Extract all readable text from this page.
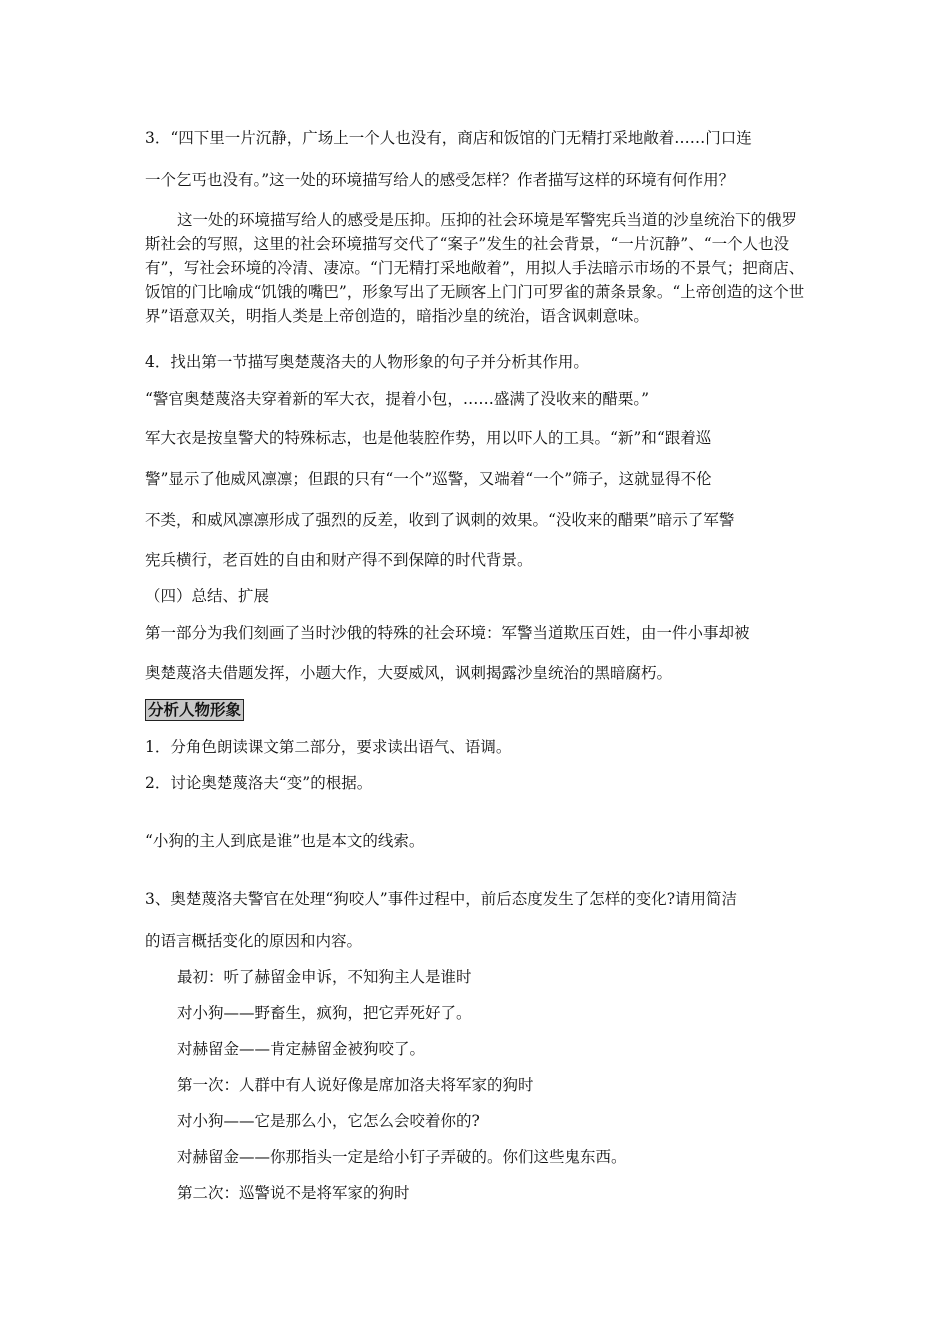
3．“四下里一片沉静，广场上一个人也没有，商店和饭馆的门无精打采地敞着……门口连
一个乞丐也没有。”这一处的环境描写给人的感受怎样？作者描写这样的环境有何作用？
这一处的环境描写给人的感受是压抑。压抑的社会环境是军警宪兵当道的沙皇统治下的俄罗斯社会的写照，这里的社会环境描写交代了“案子”发生的社会背景，“一片沉静”、“一个人也没有”，写社会环境的冷清、凄凉。“门无精打采地敞着”，用拟人手法暗示市场的不景气；把商店、饭馆的门比喻成“饥饿的嘴巴”，形象写出了无顾客上门门可罗雀的萧条景象。“上帝创造的这个世界”语意双关，明指人类是上帝创造的，暗指沙皇的统治，语含讽刺意味。
4．找出第一节描写奥楚蔑洛夫的人物形象的句子并分析其作用。
“警官奥楚蔑洛夫穿着新的军大衣，提着小包，……盛满了没收来的醋栗。”
军大衣是按皇警犬的特殊标志，也是他装腔作势，用以吓人的工具。“新”和“跟着巡
警”显示了他威风凛凛；但跟的只有“一个”巡警，又端着“一个”筛子，这就显得不伦
不类，和威风凛凛形成了强烈的反差，收到了讽刺的效果。“没收来的醋栗”暗示了军警
宪兵横行，老百姓的自由和财产得不到保障的时代背景。
（四）总结、扩展
第一部分为我们刻画了当时沙俄的特殊的社会环境：军警当道欺压百姓，由一件小事却被
奥楚蔑洛夫借题发挥，小题大作，大耍威风，讽刺揭露沙皇统治的黑暗腐朽。
分析人物形象
1．分角色朗读课文第二部分，要求读出语气、语调。
2．讨论奥楚蔑洛夫“变”的根据。
“小狗的主人到底是谁”也是本文的线索。
3、奥楚蔑洛夫警官在处理“狗咬人”事件过程中，前后态度发生了怎样的变化?请用简洁
的语言概括变化的原因和内容。
最初：听了赫留金申诉，不知狗主人是谁时
对小狗——野畜生，疯狗，把它弄死好了。
对赫留金——肯定赫留金被狗咬了。
第一次：人群中有人说好像是席加洛夫将军家的狗时
对小狗——它是那么小，它怎么会咬着你的?
对赫留金——你那指头一定是给小钉子弄破的。你们这些鬼东西。
第二次：巡警说不是将军家的狗时
